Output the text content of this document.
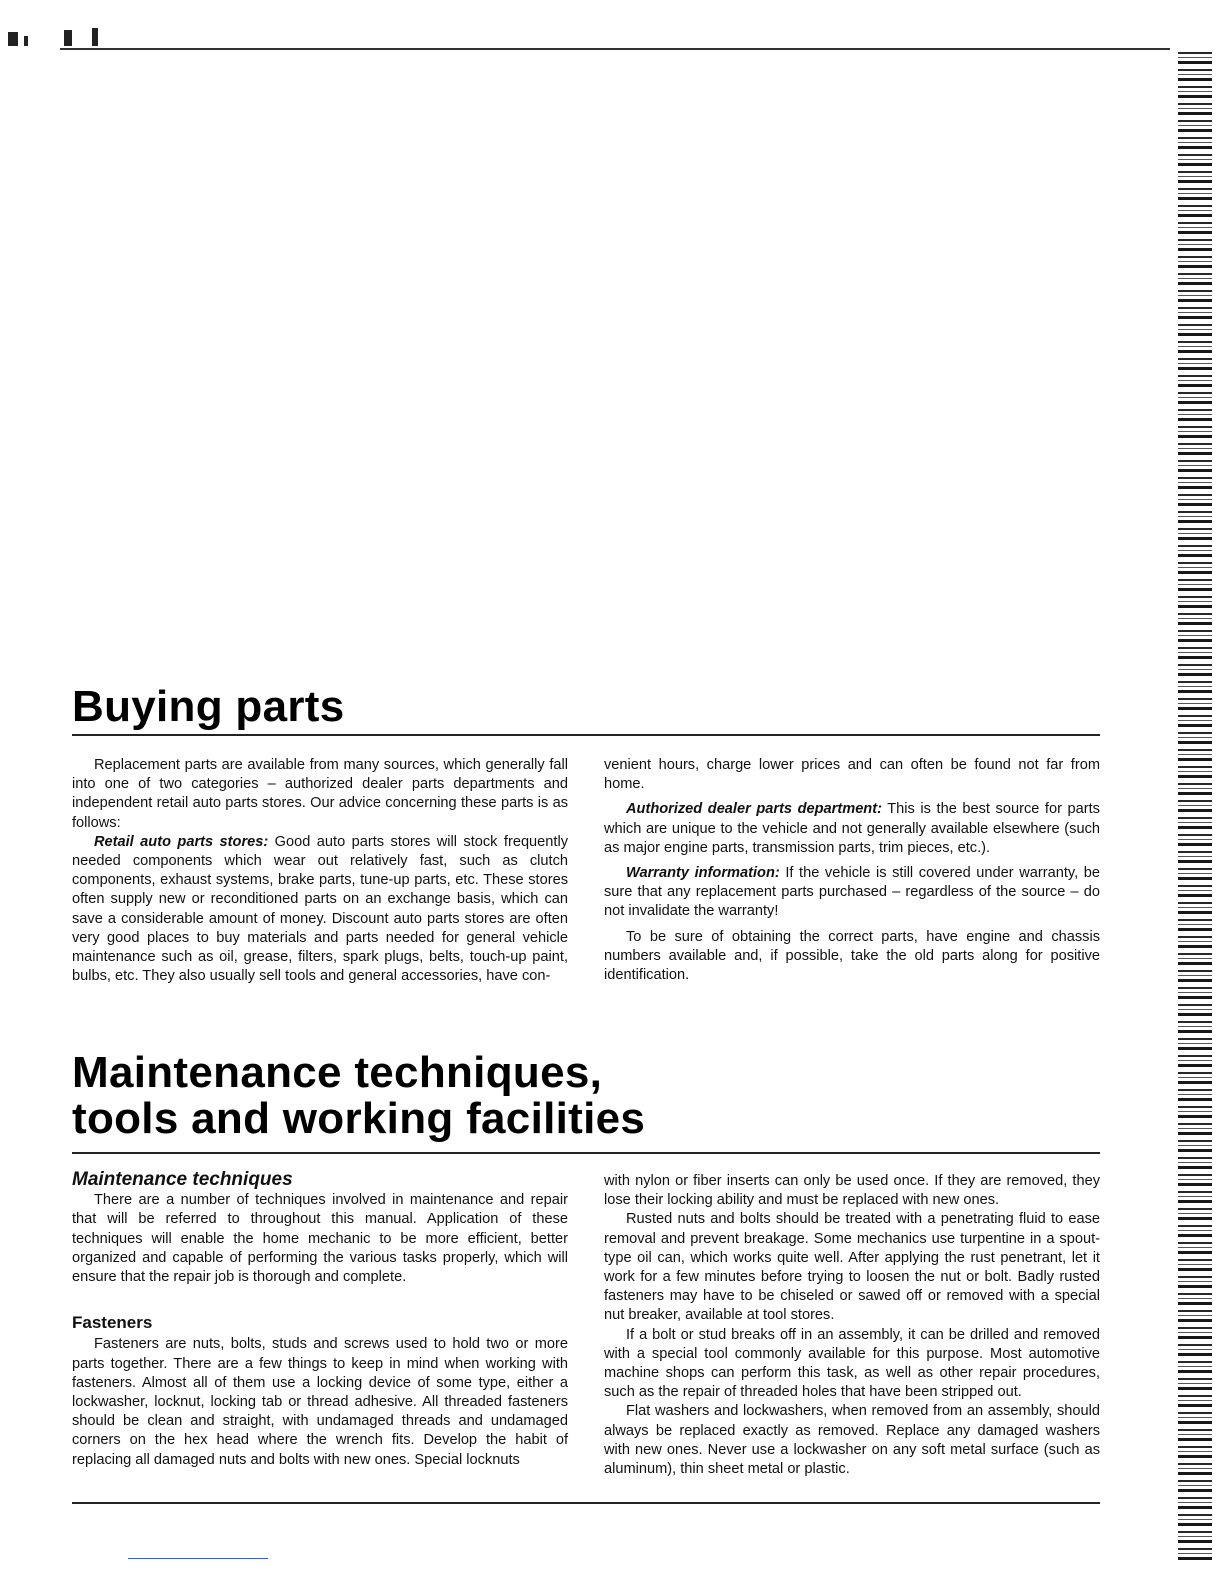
Buying parts

Replacement parts are available from many sources, which generally fall into one of two categories – authorized dealer parts departments and independent retail auto parts stores. Our advice concerning these parts is as follows:

Retail auto parts stores: Good auto parts stores will stock frequently needed components which wear out relatively fast, such as clutch components, exhaust systems, brake parts, tune-up parts, etc. These stores often supply new or reconditioned parts on an exchange basis, which can save a considerable amount of money. Discount auto parts stores are often very good places to buy materials and parts needed for general vehicle maintenance such as oil, grease, filters, spark plugs, belts, touch-up paint, bulbs, etc. They also usually sell tools and general accessories, have con-

venient hours, charge lower prices and can often be found not far from home.

Authorized dealer parts department: This is the best source for parts which are unique to the vehicle and not generally available elsewhere (such as major engine parts, transmission parts, trim pieces, etc.).

Warranty information: If the vehicle is still covered under warranty, be sure that any replacement parts purchased – regardless of the source – do not invalidate the warranty!

To be sure of obtaining the correct parts, have engine and chassis numbers available and, if possible, take the old parts along for positive identification.

Maintenance techniques,
tools and working facilities
Maintenance techniques

There are a number of techniques involved in maintenance and repair that will be referred to throughout this manual. Application of these techniques will enable the home mechanic to be more efficient, better organized and capable of performing the various tasks properly, which will ensure that the repair job is thorough and complete.

Fasteners

Fasteners are nuts, bolts, studs and screws used to hold two or more parts together. There are a few things to keep in mind when working with fasteners. Almost all of them use a locking device of some type, either a lockwasher, locknut, locking tab or thread adhesive. All threaded fasteners should be clean and straight, with undamaged threads and undamaged corners on the hex head where the wrench fits. Develop the habit of replacing all damaged nuts and bolts with new ones. Special locknuts

with nylon or fiber inserts can only be used once. If they are removed, they lose their locking ability and must be replaced with new ones.

Rusted nuts and bolts should be treated with a penetrating fluid to ease removal and prevent breakage. Some mechanics use turpentine in a spout-type oil can, which works quite well. After applying the rust penetrant, let it work for a few minutes before trying to loosen the nut or bolt. Badly rusted fasteners may have to be chiseled or sawed off or removed with a special nut breaker, available at tool stores.

If a bolt or stud breaks off in an assembly, it can be drilled and removed with a special tool commonly available for this purpose. Most automotive machine shops can perform this task, as well as other repair procedures, such as the repair of threaded holes that have been stripped out.

Flat washers and lockwashers, when removed from an assembly, should always be replaced exactly as removed. Replace any damaged washers with new ones. Never use a lockwasher on any soft metal surface (such as aluminum), thin sheet metal or plastic.
